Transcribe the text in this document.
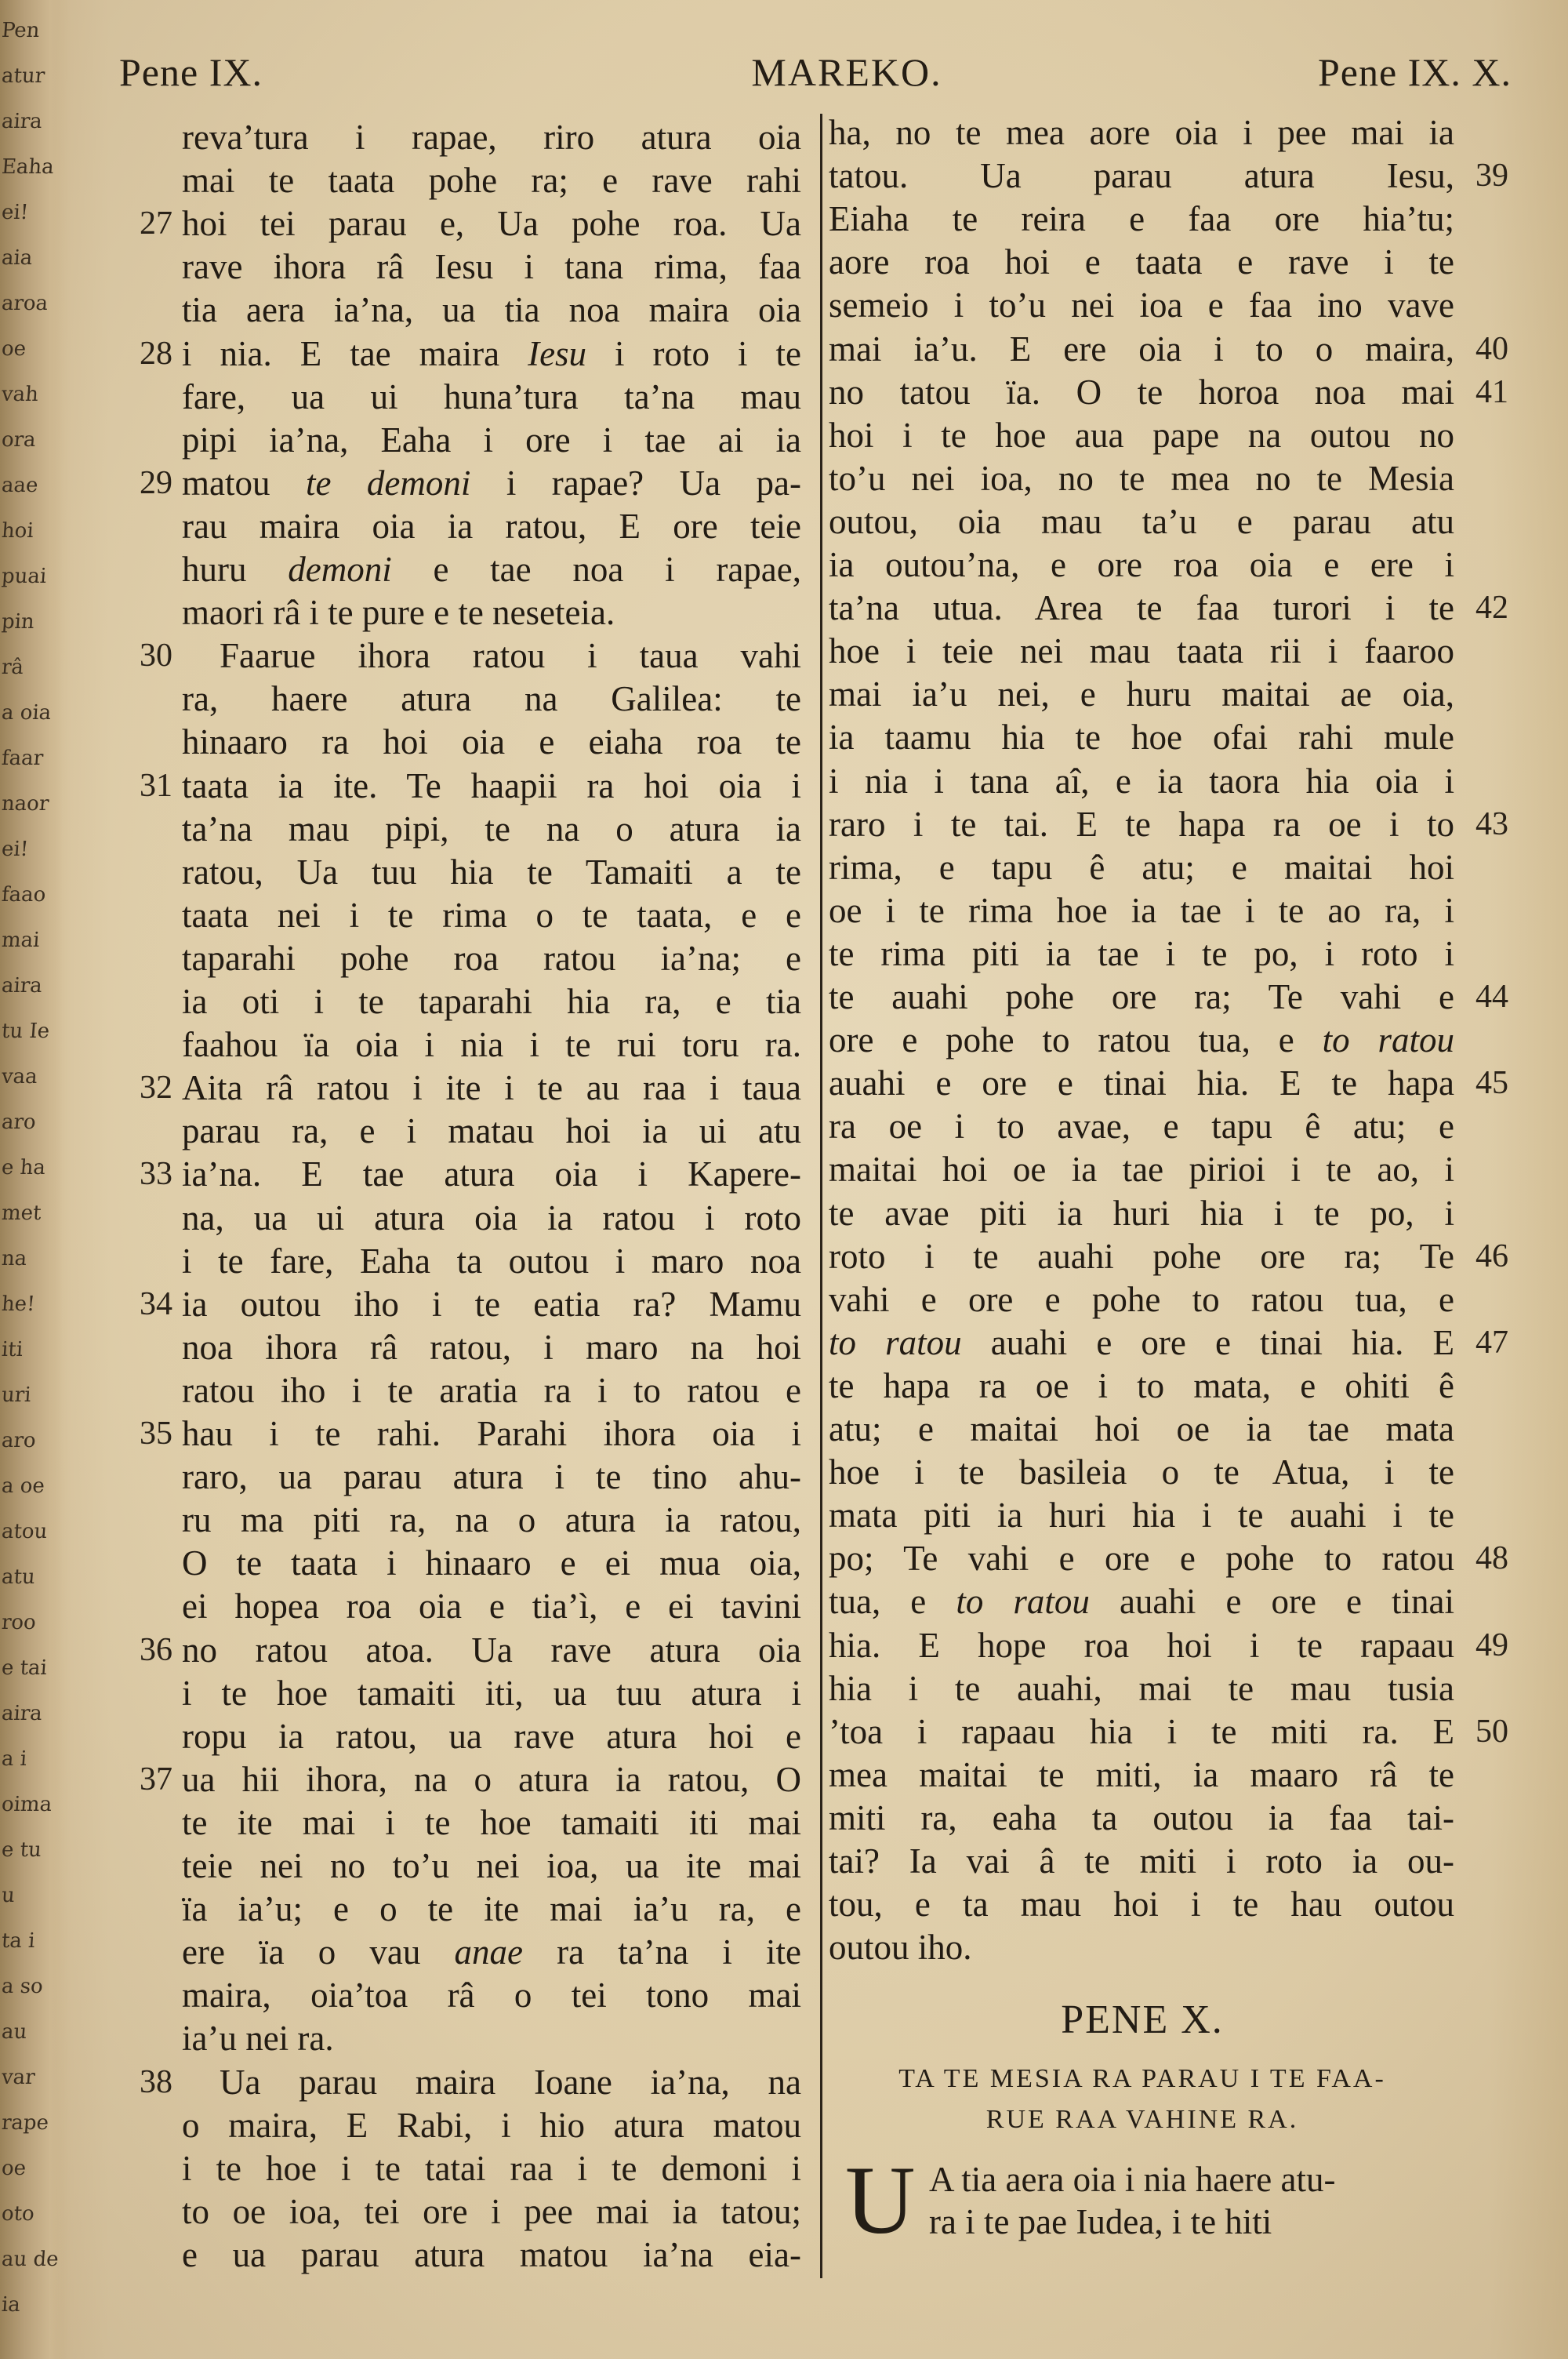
Pen
atur
aira
Eaha
ei!
aia
aroa
oe
vah
ora
aae
hoi
puai
pin
râ
a oia
faar
naor
ei!
faao
mai
aira
tu Ie
vaa
aro
e ha
met
na
he!
iti
uri
aro
a oe
atou
atu
roo
e tai
aira
a i
oima
e tu
u
ta i
a so
au
var
rape
oe
oto
au de
ia
Pene IX.	MAREKO.	Pene IX. X.
reva’tura i rapae, riro atura oia
mai te taata pohe ra; e rave rahi
hoi tei parau e, Ua pohe roa. Ua
27
rave ihora râ Iesu i tana rima, faa
tia aera ia’na, ua tia noa maira oia
i nia. E tae maira Iesu i roto i te
28
fare, ua ui huna’tura ta’na mau
pipi ia’na, Eaha i ore i tae ai ia
matou te demoni i rapae? Ua pa-
29
rau maira oia ia ratou, E ore teie
huru demoni e tae noa i rapae,
maori râ i te pure e te neseteia.
Faarue ihora ratou i taua vahi
30
ra, haere atura na Galilea: te
hinaaro ra hoi oia e eiaha roa te
taata ia ite. Te haapii ra hoi oia i
31
ta’na mau pipi, te na o atura ia
ratou, Ua tuu hia te Tamaiti a te
taata nei i te rima o te taata, e e
taparahi pohe roa ratou ia’na; e
ia oti i te taparahi hia ra, e tia
faahou ïa oia i nia i te rui toru ra.
Aita râ ratou i ite i te au raa i taua
32
parau ra, e i matau hoi ia ui atu
ia’na. E tae atura oia i Kapere-
33
na, ua ui atura oia ia ratou i roto
i te fare, Eaha ta outou i maro noa
ia outou iho i te eatia ra? Mamu
34
noa ihora râ ratou, i maro na hoi
ratou iho i te aratia ra i to ratou e
hau i te rahi. Parahi ihora oia i
35
raro, ua parau atura i te tino ahu-
ru ma piti ra, na o atura ia ratou,
O te taata i hinaaro e ei mua oia,
ei hopea roa oia e tia’ì, e ei tavini
no ratou atoa. Ua rave atura oia
36
i te hoe tamaiti iti, ua tuu atura i
ropu ia ratou, ua rave atura hoi e
ua hii ihora, na o atura ia ratou, O
37
te ite mai i te hoe tamaiti iti mai
teie nei no to’u nei ioa, ua ite mai
ïa ia’u; e o te ite mai ia’u ra, e
ere ïa o vau anae ra ta’na i ite
maira, oia’toa râ o tei tono mai
ia’u nei ra.
Ua parau maira Ioane ia’na, na
38
o maira, E Rabi, i hio atura matou
i te hoe i te tatai raa i te demoni i
to oe ioa, tei ore i pee mai ia tatou;
e ua parau atura matou ia’na eia-
ha, no te mea aore oia i pee mai ia
tatou. Ua parau atura Iesu, 39
Eiaha te reira e faa ore hia’tu;
aore roa hoi e taata e rave i te
semeio i to’u nei ioa e faa ino vave
mai ia’u. E ere oia i to o maira, 40
no tatou ïa. O te horoa noa mai 41
hoi i te hoe aua pape na outou no
to’u nei ioa, no te mea no te Mesia
outou, oia mau ta’u e parau atu
ia outou’na, e ore roa oia e ere i
ta’na utua. Area te faa turori i te 42
hoe i teie nei mau taata rii i faaroo
mai ia’u nei, e huru maitai ae oia,
ia taamu hia te hoe ofai rahi mule
i nia i tana aî, e ia taora hia oia i
raro i te tai. E te hapa ra oe i to 43
rima, e tapu ê atu; e maitai hoi
oe i te rima hoe ia tae i te ao ra, i
te rima piti ia tae i te po, i roto i
te auahi pohe ore ra; Te vahi e 44
ore e pohe to ratou tua, e to ratou
auahi e ore e tinai hia. E te hapa 45
ra oe i to avae, e tapu ê atu; e
maitai hoi oe ia tae pirioi i te ao, i
te avae piti ia huri hia i te po, i
roto i te auahi pohe ore ra; Te 46
vahi e ore e pohe to ratou tua, e
to ratou auahi e ore e tinai hia. E 47
te hapa ra oe i to mata, e ohiti ê
atu; e maitai hoi oe ia tae mata
hoe i te basileia o te Atua, i te
mata piti ia huri hia i te auahi i te
po; Te vahi e ore e pohe to ratou 48
tua, e to ratou auahi e ore e tinai
hia. E hope roa hoi i te rapaau 49
hia i te auahi, mai te mau tusia
’toa i rapaau hia i te miti ra. E 50
mea maitai te miti, ia maaro râ te
miti ra, eaha ta outou ia faa tai-
tai? Ia vai â te miti i roto ia ou-
tou, e ta mau hoi i te hau outou
outou iho.
PENE X.
TA TE MESIA RA PARAU I TE FAA-
RUE RAA VAHINE RA.
U A tia aera oia i nia haere atu-
ra i te pae Iudea, i te hiti
